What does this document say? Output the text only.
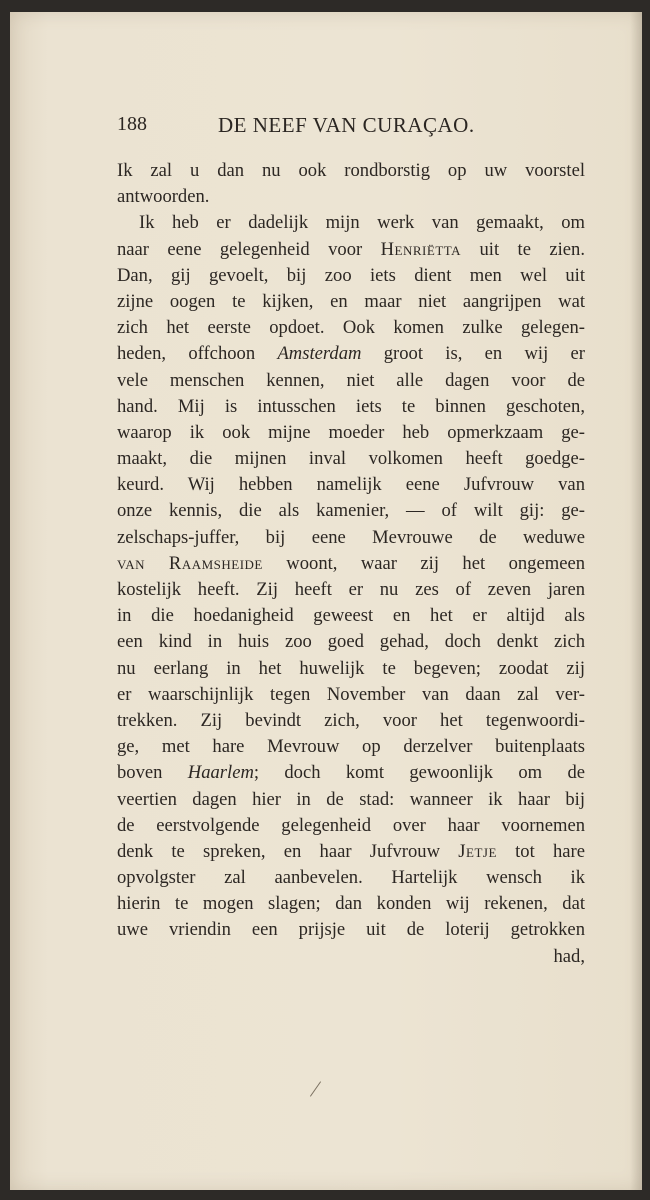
188	DE NEEF VAN CURAÇAO.
Ik zal u dan nu ook rondborstig op uw voorstel
antwoorden.
Ik heb er dadelijk mijn werk van gemaakt, om
naar eene gelegenheid voor Henriëtta uit te zien.
Dan, gij gevoelt, bij zoo iets dient men wel uit
zijne oogen te kijken, en maar niet aangrijpen wat
zich het eerste opdoet. Ook komen zulke gelegen-
heden, offchoon Amsterdam groot is, en wij er
vele menschen kennen, niet alle dagen voor de
hand. Mij is intusschen iets te binnen geschoten,
waarop ik ook mijne moeder heb opmerkzaam ge-
maakt, die mijnen inval volkomen heeft goedge-
keurd. Wij hebben namelijk eene Jufvrouw van
onze kennis, die als kamenier, — of wilt gij: ge-
zelschaps-juffer, bij eene Mevrouwe de weduwe
van Raamsheide woont, waar zij het ongemeen
kostelijk heeft. Zij heeft er nu zes of zeven jaren
in die hoedanigheid geweest en het er altijd als
een kind in huis zoo goed gehad, doch denkt zich
nu eerlang in het huwelijk te begeven; zoodat zij
er waarschijnlijk tegen November van daan zal ver-
trekken. Zij bevindt zich, voor het tegenwoordi-
ge, met hare Mevrouw op derzelver buitenplaats
boven Haarlem; doch komt gewoonlijk om de
veertien dagen hier in de stad: wanneer ik haar bij
de eerstvolgende gelegenheid over haar voornemen
denk te spreken, en haar Jufvrouw Jetje tot hare
opvolgster zal aanbevelen. Hartelijk wensch ik
hierin te mogen slagen; dan konden wij rekenen, dat
uwe vriendin een prijsje uit de loterij getrokken
had,
